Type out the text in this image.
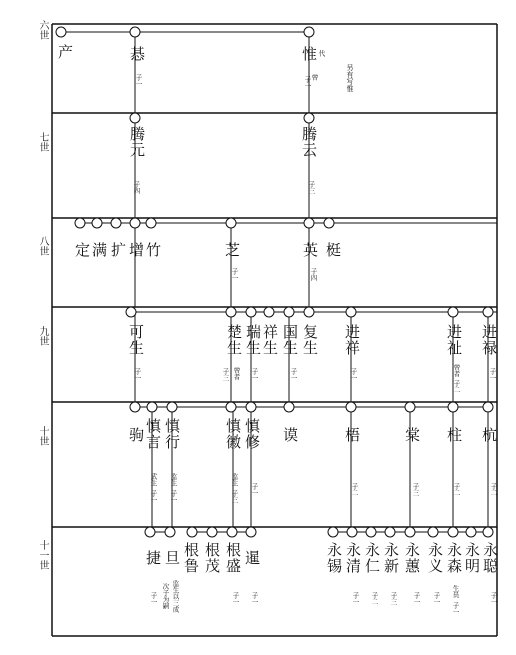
六世
七世
八世
九世
十世
十一世
产	惎	惟 代
曾
子一	子一	另有写惟
腾元	腾云
子四	子三
定 满 扩 增 竹	芝	英 梃
子一	子四
可生	楚生 瑞生 祥生 国生 复生 进祥	进祉 进禄
子一	子三 曾者 子一	子一	子一	曾者
子二
子一
驹 慎言 慎行	慎徽 慎修 谟	梧	棠 柱 杭
武生
子一
监生
子一
监生
子三
子一	子二	子三	子二	子二
捷 旦 根鲁 根茂 根盛 暹	永锡 永清 永仁 永新 永蕙 永义 永森 永明 永聪
子一 次子为嗣 监生以三成	子一 子一	子一 子二 子三 子一 子一
生员
子一
子一
